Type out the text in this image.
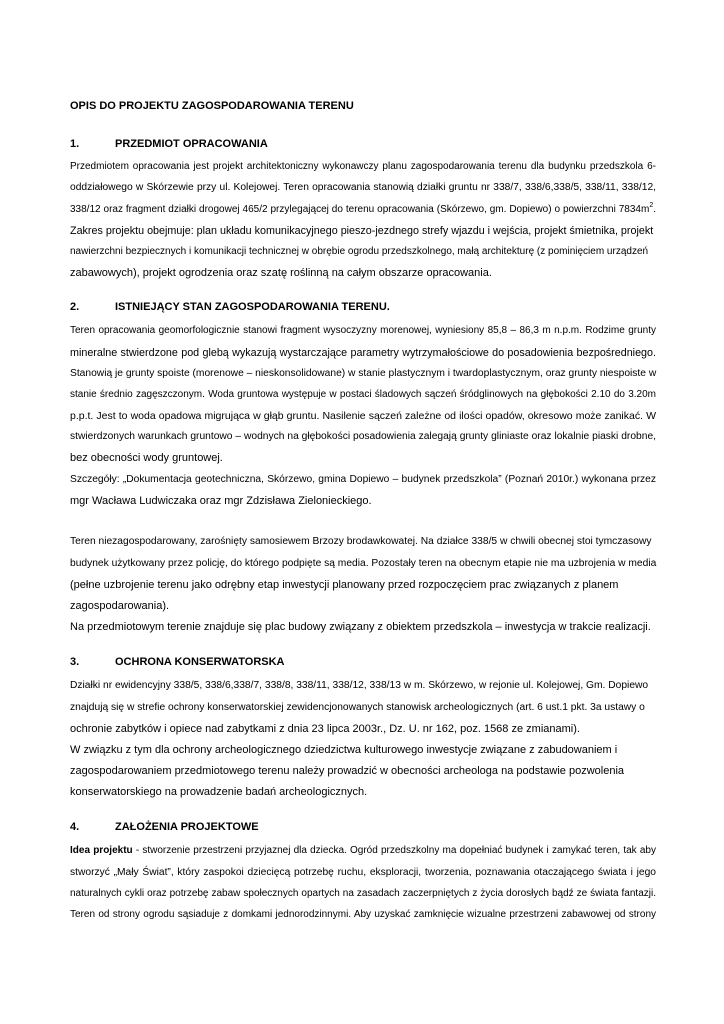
OPIS DO PROJEKTU ZAGOSPODAROWANIA TERENU
1.	PRZEDMIOT OPRACOWANIA
Przedmiotem opracowania jest projekt architektoniczny wykonawczy planu zagospodarowania terenu dla budynku przedszkola 6-
oddziałowego w Skórzewie przy ul. Kolejowej. Teren opracowania stanowią działki gruntu nr 338/7, 338/6,338/5, 338/11, 338/12,
338/12 oraz fragment działki drogowej 465/2 przylegającej do terenu opracowania (Skórzewo, gm. Dopiewo) o powierzchni $7834m^2$.
Zakres projektu obejmuje: plan układu komunikacyjnego pieszo-jezdnego strefy wjazdu i wejścia, projekt śmietnika, projekt
nawierzchni bezpiecznych i komunikacji technicznej w obrębie ogrodu przedszkolnego, małą architekturę (z pominięciem urządzeń
zabawowych), projekt ogrodzenia oraz szatę roślinną na całym obszarze opracowania.
2.	ISTNIEJĄCY STAN ZAGOSPODAROWANIA TERENU.
Teren opracowania geomorfologicznie stanowi fragment wysoczyzny morenowej, wyniesiony 85,8 – 86,3 m n.p.m. Rodzime grunty
mineralne stwierdzone pod glebą wykazują wystarczające parametry wytrzymałościowe do posadowienia bezpośredniego.
Stanowią je grunty spoiste (morenowe – nieskonsolidowane) w stanie plastycznym i twardoplastycznym, oraz grunty niespoiste w
stanie średnio zagęszczonym. Woda gruntowa występuje w postaci śladowych sączeń śródglinowych na głębokości 2.10 do 3.20m
p.p.t. Jest to woda opadowa migrująca w głąb gruntu. Nasilenie sączeń zależne od ilości opadów, okresowo może zanikać. W
stwierdzonych warunkach gruntowo – wodnych na głębokości posadowienia zalegają grunty gliniaste oraz lokalnie piaski drobne,
bez obecności wody gruntowej.
Szczegóły: „Dokumentacja geotechniczna, Skórzewo, gmina Dopiewo – budynek przedszkola” (Poznań 2010r.) wykonana przez
mgr Wacława Ludwiczaka oraz mgr Zdzisława Zielonieckiego.
Teren niezagospodarowany, zarośnięty samosiewem Brzozy brodawkowatej. Na działce 338/5 w chwili obecnej stoi tymczasowy
budynek użytkowany przez policję, do którego podpięte są media. Pozostały teren na obecnym etapie nie ma uzbrojenia w media
(pełne uzbrojenie terenu jako odrębny etap inwestycji planowany przed rozpoczęciem prac związanych z planem
zagospodarowania).
Na przedmiotowym terenie znajduje się plac budowy związany z obiektem przedszkola – inwestycja w trakcie realizacji.
3.	OCHRONA KONSERWATORSKA
Działki nr ewidencyjny 338/5, 338/6,338/7, 338/8, 338/11, 338/12, 338/13 w m. Skórzewo, w rejonie ul. Kolejowej, Gm. Dopiewo
znajdują się w strefie ochrony konserwatorskiej zewidencjonowanych stanowisk archeologicznych (art. 6 ust.1 pkt. 3a ustawy o
ochronie zabytków i opiece nad zabytkami z dnia 23 lipca 2003r., Dz. U. nr 162, poz. 1568 ze zmianami).
W związku z tym dla ochrony archeologicznego dziedzictwa kulturowego inwestycje związane z zabudowaniem i
zagospodarowaniem przedmiotowego terenu należy prowadzić w obecności archeologa na podstawie pozwolenia
konserwatorskiego na prowadzenie badań archeologicznych.
4.	ZAŁOŻENIA PROJEKTOWE
Idea projektu - stworzenie przestrzeni przyjaznej dla dziecka. Ogród przedszkolny ma dopełniać budynek i zamykać teren, tak aby
stworzyć „Mały Świat”, który zaspokoi dziecięcą potrzebę ruchu, eksploracji, tworzenia, poznawania otaczającego świata i jego
naturalnych cykli oraz potrzebę zabaw społecznych opartych na zasadach zaczerpniętych z życia dorosłych bądź ze świata fantazji.
Teren od strony ogrodu sąsiaduje z domkami jednorodzinnymi. Aby uzyskać zamknięcie wizualne przestrzeni zabawowej od strony
